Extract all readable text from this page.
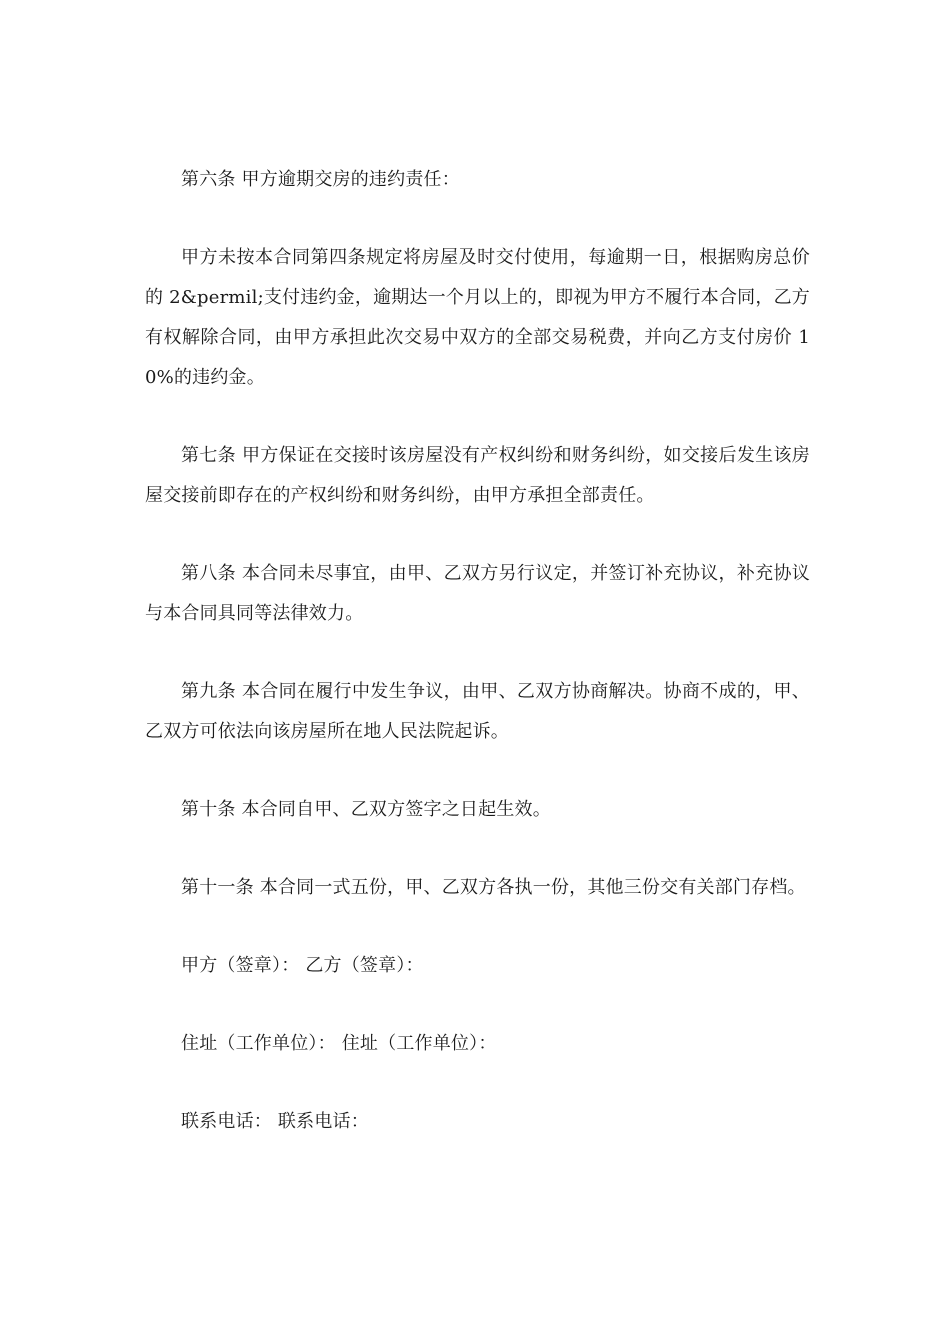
第六条 甲方逾期交房的违约责任：

甲方未按本合同第四条规定将房屋及时交付使用，每逾期一日，根据购房总价的 2&permil;支付违约金，逾期达一个月以上的，即视为甲方不履行本合同，乙方有权解除合同，由甲方承担此次交易中双方的全部交易税费，并向乙方支付房价 10%的违约金。

第七条 甲方保证在交接时该房屋没有产权纠纷和财务纠纷，如交接后发生该房屋交接前即存在的产权纠纷和财务纠纷，由甲方承担全部责任。

第八条 本合同未尽事宜，由甲、乙双方另行议定，并签订补充协议，补充协议与本合同具同等法律效力。

第九条 本合同在履行中发生争议，由甲、乙双方协商解决。协商不成的，甲、乙双方可依法向该房屋所在地人民法院起诉。

第十条 本合同自甲、乙双方签字之日起生效。

第十一条 本合同一式五份，甲、乙双方各执一份，其他三份交有关部门存档。

甲方（签章）： 乙方（签章）：

住址（工作单位）： 住址（工作单位）：

联系电话： 联系电话：
